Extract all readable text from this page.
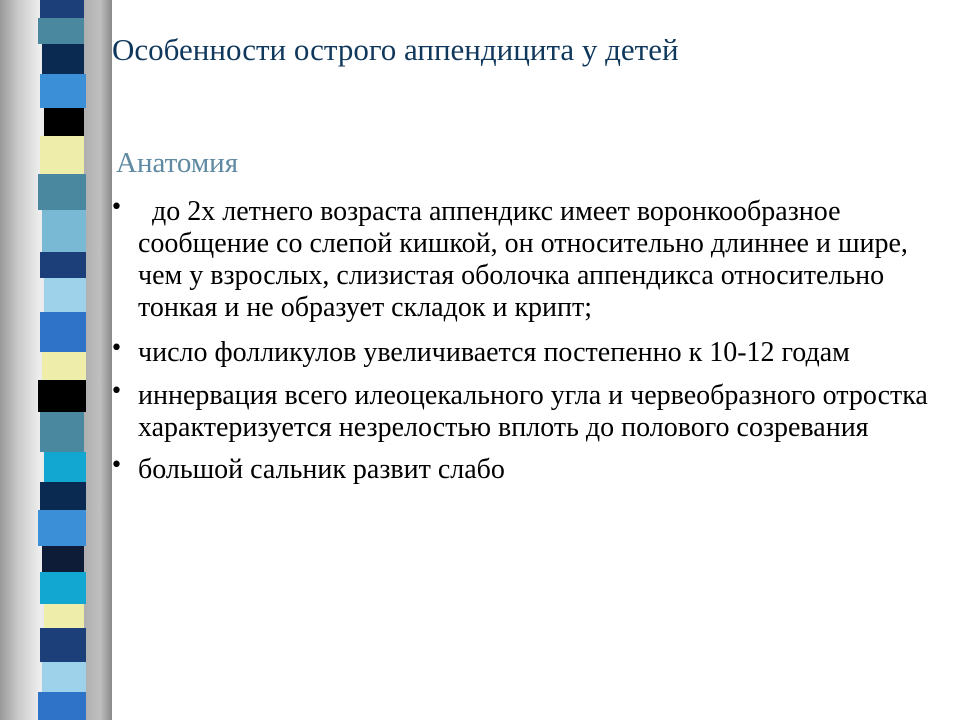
Особенности острого аппендицита у детей

Анатомия

• до 2х летнего возраста аппендикс имеет воронкообразное сообщение со слепой кишкой, он относительно длиннее и шире, чем у взрослых, слизистая оболочка аппендикса относительно тонкая и не образует складок и крипт;
• число фолликулов увеличивается постепенно к 10-12 годам
• иннервация всего илеоцекального угла и червеобразного отростка характеризуется незрелостью вплоть до полового созревания
• большой сальник развит слабо
